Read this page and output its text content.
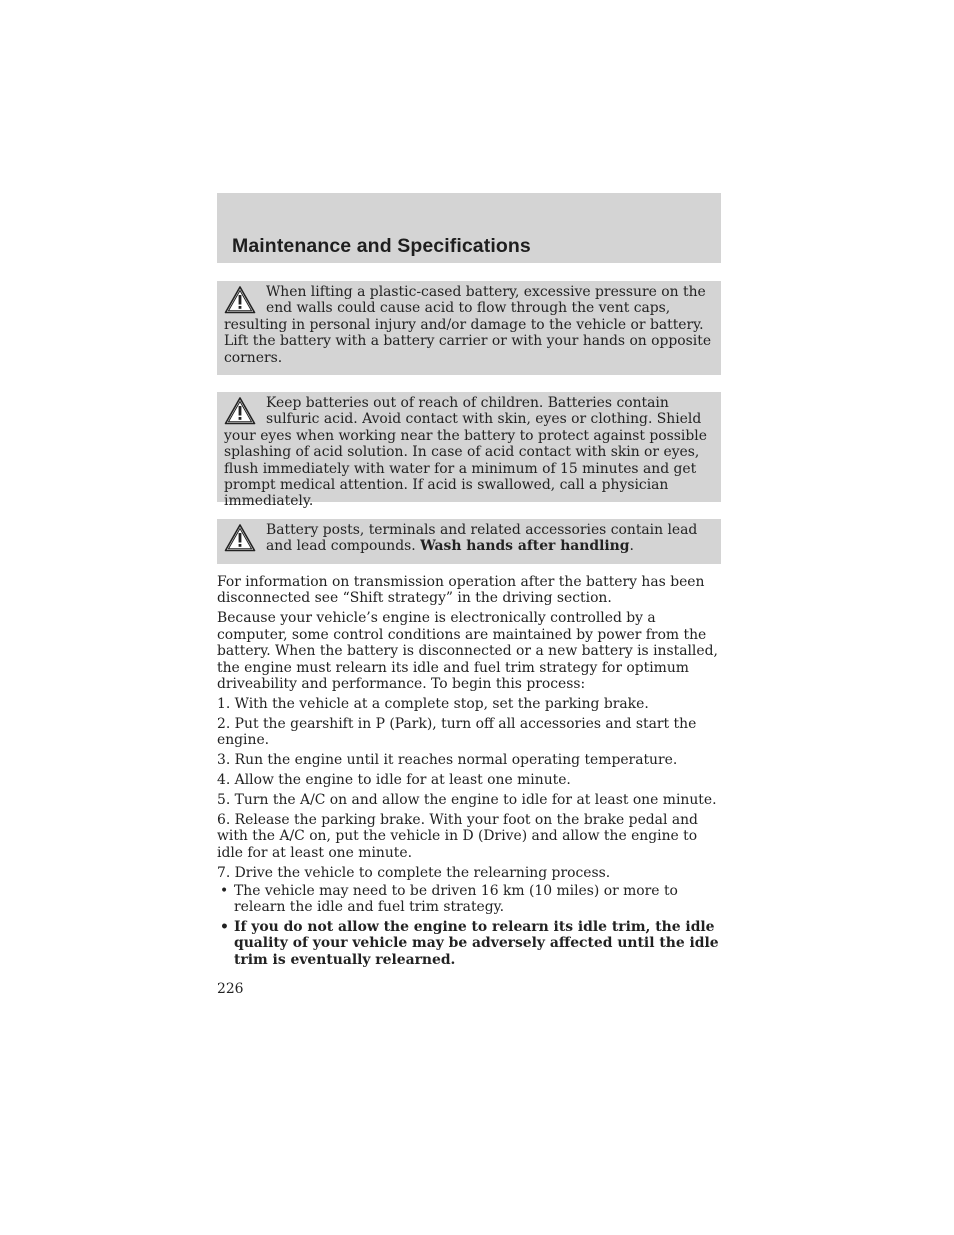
Maintenance and Specifications
When lifting a plastic-cased battery, excessive pressure on the end walls could cause acid to flow through the vent caps, resulting in personal injury and/or damage to the vehicle or battery. Lift the battery with a battery carrier or with your hands on opposite corners.
Keep batteries out of reach of children. Batteries contain sulfuric acid. Avoid contact with skin, eyes or clothing. Shield your eyes when working near the battery to protect against possible splashing of acid solution. In case of acid contact with skin or eyes, flush immediately with water for a minimum of 15 minutes and get prompt medical attention. If acid is swallowed, call a physician immediately.
Battery posts, terminals and related accessories contain lead and lead compounds. Wash hands after handling.

For information on transmission operation after the battery has been disconnected see “Shift strategy” in the driving section.

Because your vehicle’s engine is electronically controlled by a computer, some control conditions are maintained by power from the battery. When the battery is disconnected or a new battery is installed, the engine must relearn its idle and fuel trim strategy for optimum driveability and performance. To begin this process:

1. With the vehicle at a complete stop, set the parking brake.

2. Put the gearshift in P (Park), turn off all accessories and start the engine.

3. Run the engine until it reaches normal operating temperature.

4. Allow the engine to idle for at least one minute.

5. Turn the A/C on and allow the engine to idle for at least one minute.

6. Release the parking brake. With your foot on the brake pedal and with the A/C on, put the vehicle in D (Drive) and allow the engine to idle for at least one minute.

7. Drive the vehicle to complete the relearning process.

• The vehicle may need to be driven 16 km (10 miles) or more to relearn the idle and fuel trim strategy.
• If you do not allow the engine to relearn its idle trim, the idle quality of your vehicle may be adversely affected until the idle trim is eventually relearned.
226
